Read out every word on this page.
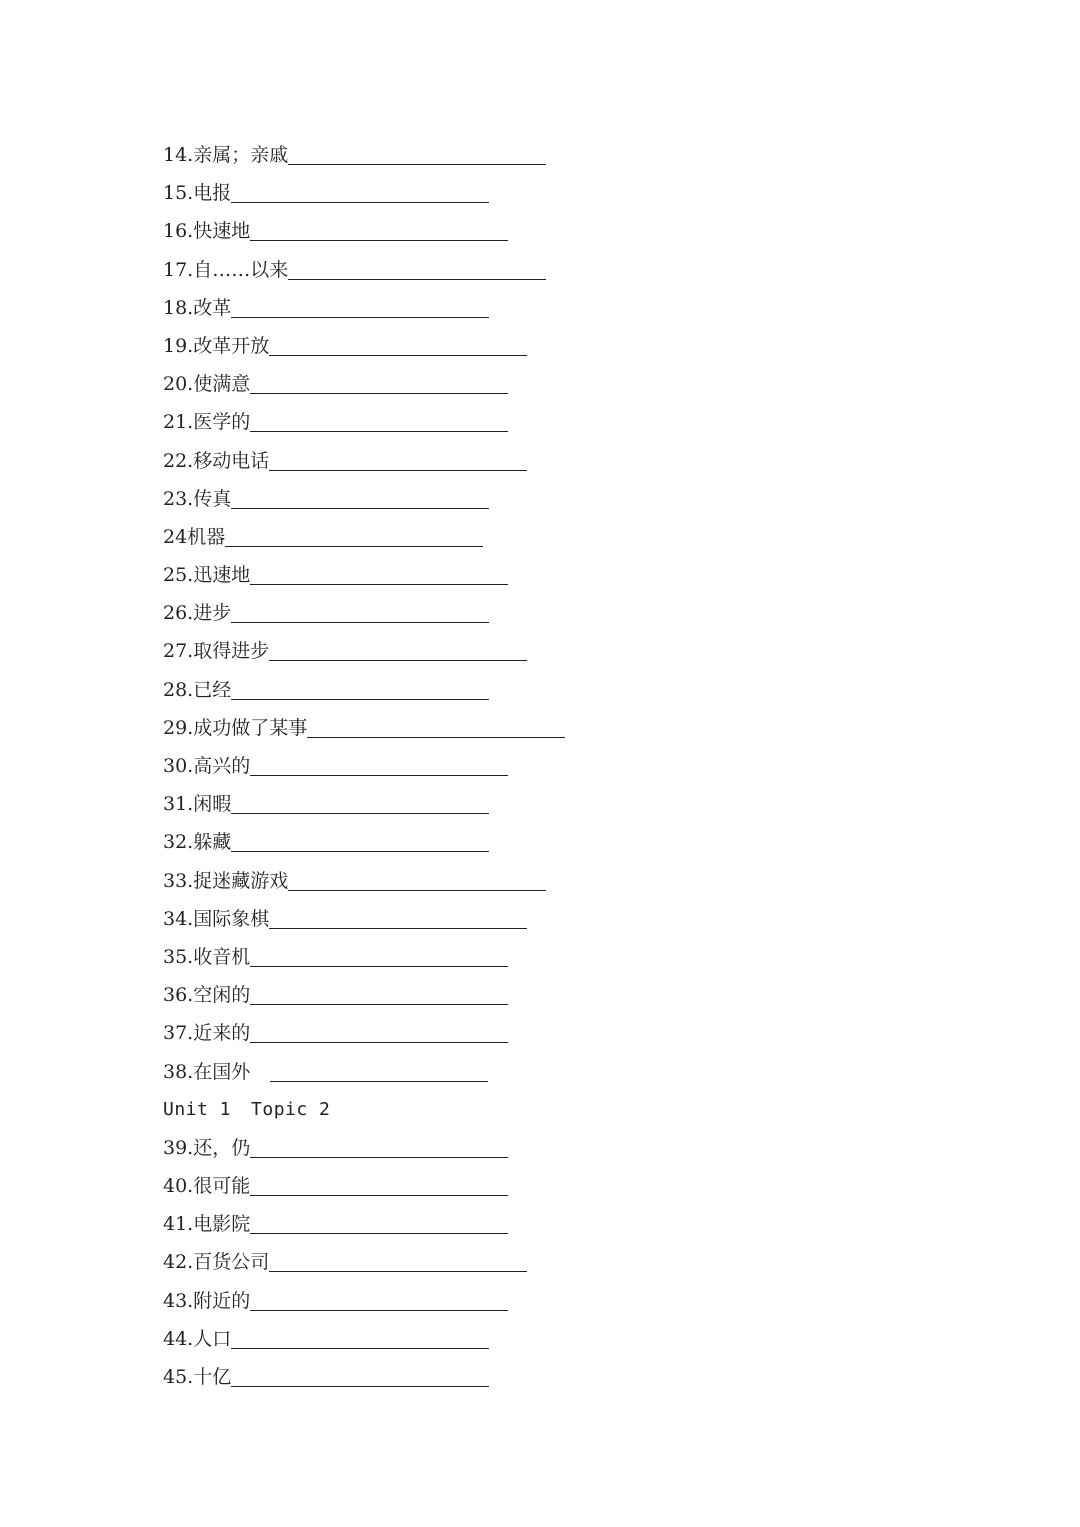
14.亲属；亲戚
15.电报
16.快速地
17.自……以来
18.改革
19.改革开放
20.使满意
21.医学的
22.移动电话
23.传真
24机器
25.迅速地
26.进步
27.取得进步
28.已经
29.成功做了某事
30.高兴的
31.闲暇
32.躲藏
33.捉迷藏游戏
34.国际象棋
35.收音机
36.空闲的
37.近来的
38.在国外
Unit 1 Topic 2
39.还，仍
40.很可能
41.电影院
42.百货公司
43.附近的
44.人口
45.十亿
